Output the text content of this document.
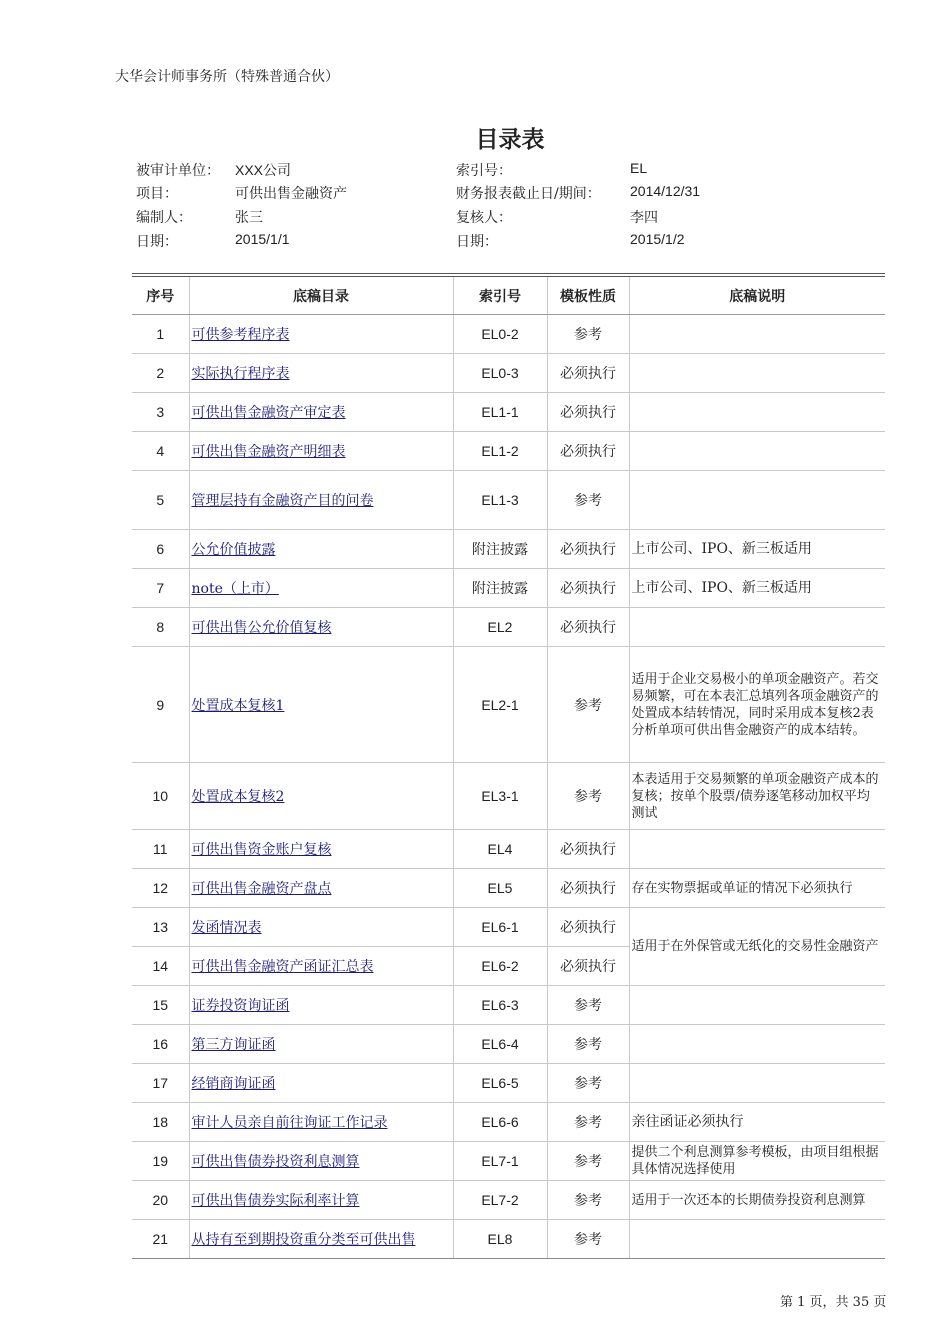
大华会计师事务所（特殊普通合伙）
目录表
被审计单位： XXX公司	索引号：	EL
项目：	可供出售金融资产	财务报表截止日/期间： 2014/12/31
编制人：	张三	复核人：	李四
日期：	2015/1/1	日期：	2015/1/2
序号	底稿目录	索引号	模板性质	底稿说明
1	可供参考程序表	EL0-2	参考	
2	实际执行程序表	EL0-3	必须执行	
3	可供出售金融资产审定表	EL1-1	必须执行	
4	可供出售金融资产明细表	EL1-2	必须执行	
5	管理层持有金融资产目的问卷	EL1-3	参考	
6	公允价值披露	附注披露	必须执行	上市公司、IPO、新三板适用
7	note（上市）	附注披露	必须执行	上市公司、IPO、新三板适用
8	可供出售公允价值复核	EL2	必须执行	
9	处置成本复核1	EL2-1	参考	适用于企业交易极小的单项金融资产。若交易频繁，可在本表汇总填列各项金融资产的处置成本结转情况，同时采用成本复核2表分析单项可供出售金融资产的成本结转。
10	处置成本复核2	EL3-1	参考	本表适用于交易频繁的单项金融资产成本的复核；按单个股票/债券逐笔移动加权平均测试
11	可供出售资金账户复核	EL4	必须执行	
12	可供出售金融资产盘点	EL5	必须执行	存在实物票据或单证的情况下必须执行
13	发函情况表	EL6-1	必须执行	适用于在外保管或无纸化的交易性金融资产
14	可供出售金融资产函证汇总表	EL6-2	必须执行	
15	证券投资询证函	EL6-3	参考	
16	第三方询证函	EL6-4	参考	
17	经销商询证函	EL6-5	参考	
18	审计人员亲自前往询证工作记录	EL6-6	参考	亲往函证必须执行
19	可供出售债券投资利息测算	EL7-1	参考	提供二个利息测算参考模板，由项目组根据具体情况选择使用
20	可供出售债券实际利率计算	EL7-2	参考	适用于一次还本的长期债券投资利息测算
21	从持有至到期投资重分类至可供出售	EL8	参考	
第 1 页，共 35 页
